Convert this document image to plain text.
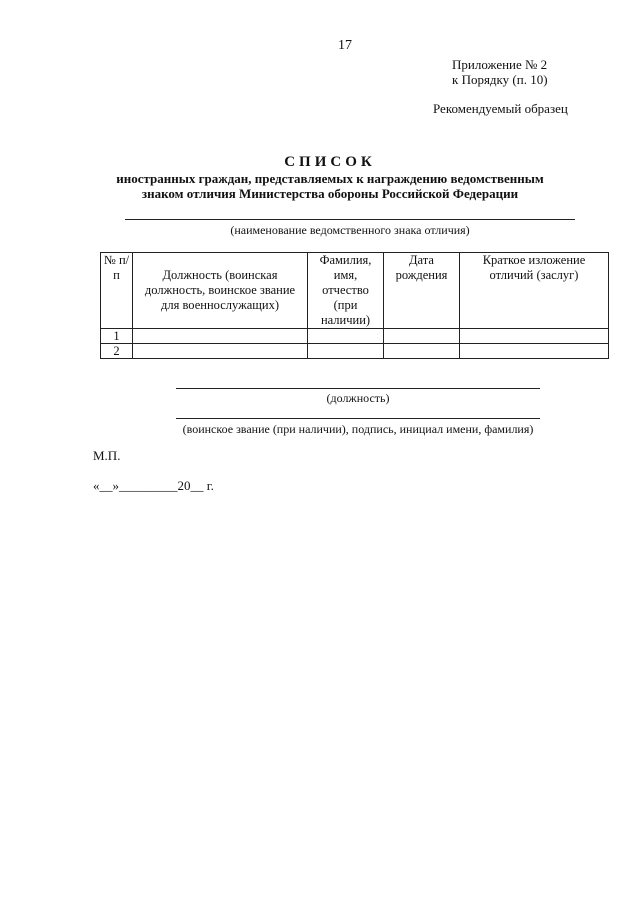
17
Приложение № 2
к Порядку (п. 10)
Рекомендуемый образец
СПИСОК
иностранных граждан, представляемых к награждению ведомственным
знаком отличия Министерства обороны Российской Федерации
(наименование ведомственного знака отличия)
№ п/п	Должность (воинская должность, воинское звание для военнослужащих)	Фамилия, имя, отчество (при наличии)	Дата рождения	Краткое изложение отличий (заслуг)
1				
2				
(должность)
(воинское звание (при наличии), подпись, инициал имени, фамилия)
М.П.
«__»_________20__ г.
